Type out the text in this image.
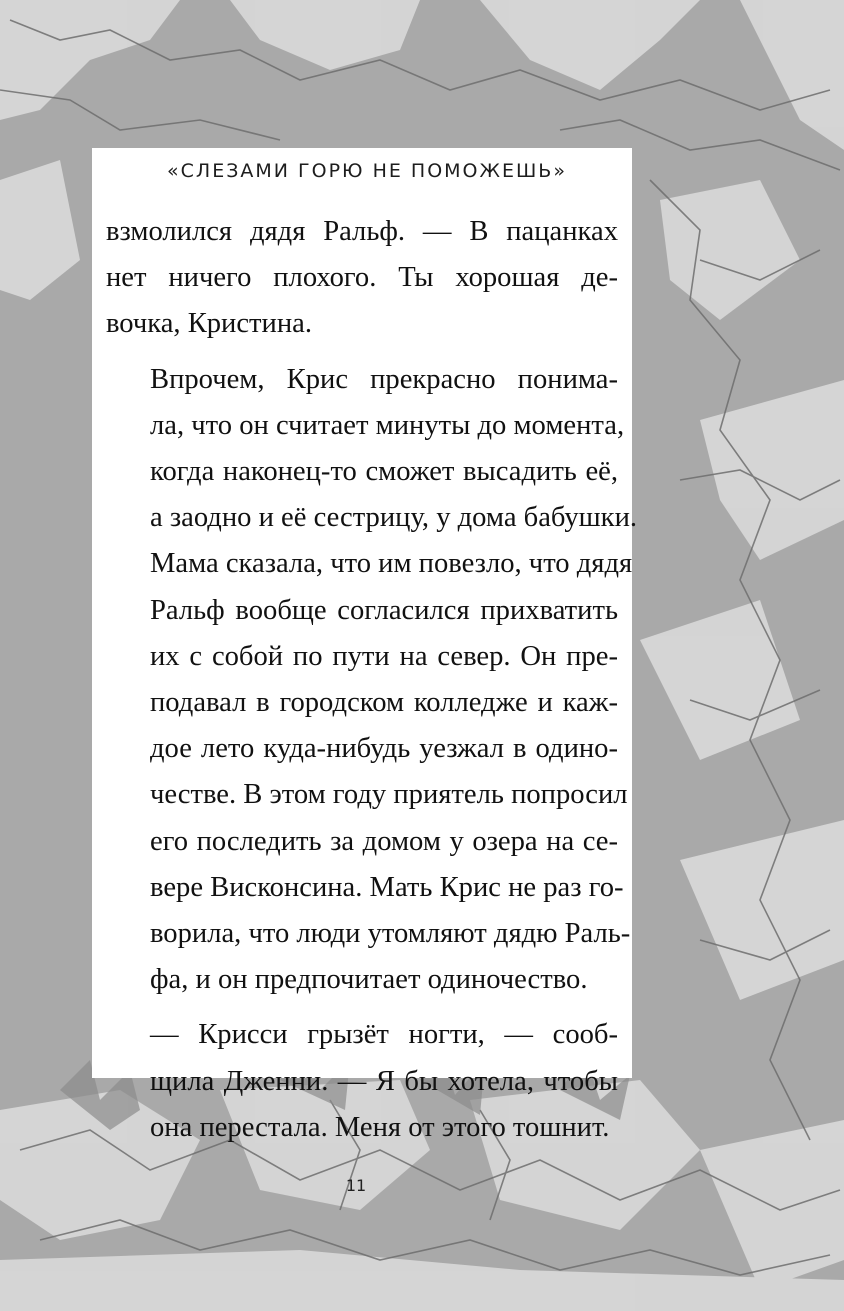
«СЛЕЗАМИ ГОРЮ НЕ ПОМОЖЕШЬ»

взмолился дядя Ральф. — В пацанках
нет ничего плохого. Ты хорошая де-
вочка, Кристина.

Впрочем, Крис прекрасно понима-
ла, что он считает минуты до момента,
когда наконец-то сможет высадить её,
а заодно и её сестрицу, у дома бабушки.
Мама сказала, что им повезло, что дядя
Ральф вообще согласился прихватить
их с собой по пути на север. Он пре-
подавал в городском колледже и каж-
дое лето куда-нибудь уезжал в одино-
честве. В этом году приятель попросил
его последить за домом у озера на се-
вере Висконсина. Мать Крис не раз го-
ворила, что люди утомляют дядю Раль-
фа, и он предпочитает одиночество.

— Крисси грызёт ногти, — сооб-
щила Дженни. — Я бы хотела, чтобы
она перестала. Меня от этого тошнит.

11
